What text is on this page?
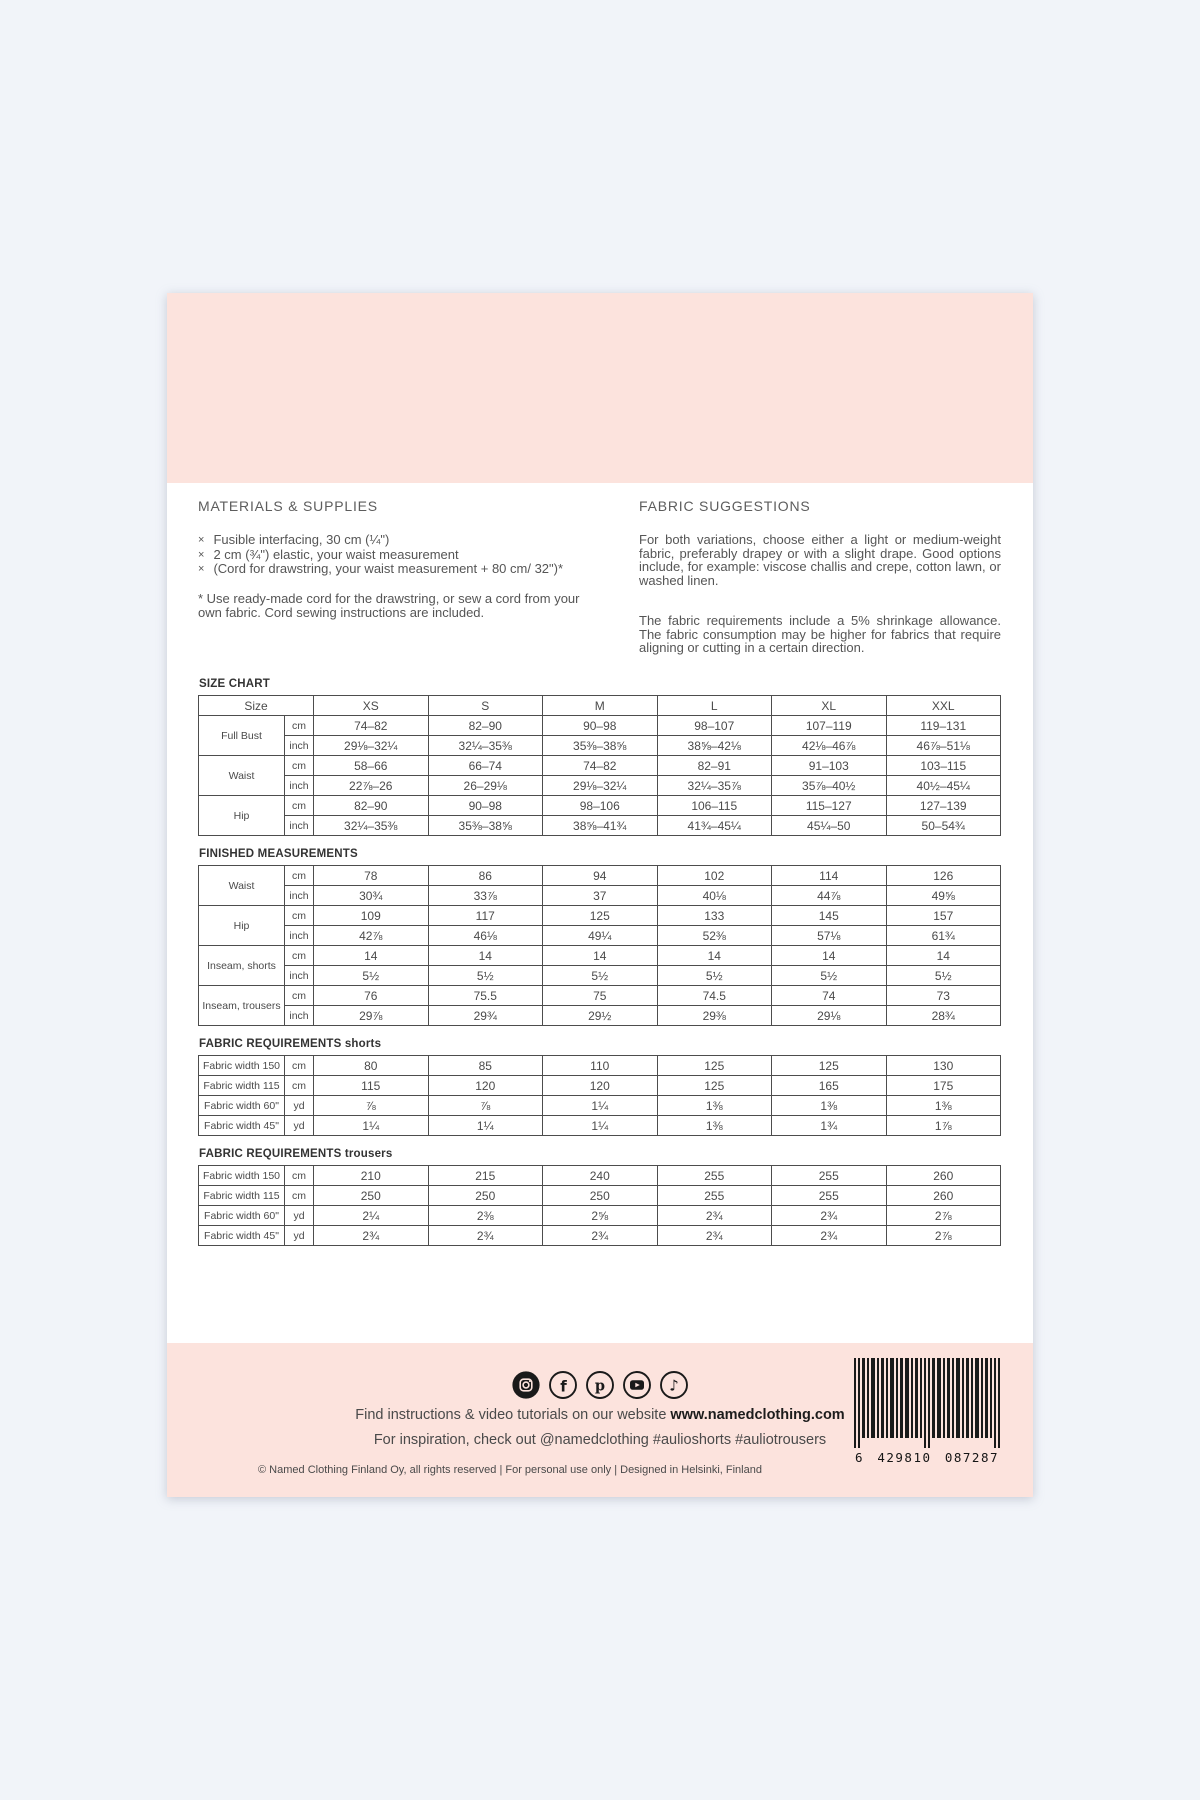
MATERIALS & SUPPLIES
× Fusible interfacing, 30 cm (¼")
× 2 cm (¾") elastic, your waist measurement
× (Cord for drawstring, your waist measurement + 80 cm/ 32")*
* Use ready-made cord for the drawstring, or sew a cord from your own fabric. Cord sewing instructions are included.
FABRIC SUGGESTIONS

For both variations, choose either a light or medium-weight fabric, preferably drapey or with a slight drape. Good options include, for example: viscose challis and crepe, cotton lawn, or washed linen.

The fabric requirements include a 5% shrinkage allowance. The fabric consumption may be higher for fabrics that require aligning or cutting in a certain direction.

SIZE CHART
Size		XS	S	M	L	XL	XXL
Full Bust	cm	74–82	82–90	90–98	98–107	107–119	119–131
	inch	29⅛–32¼	32¼–35⅜	35⅜–38⅝	38⅝–42⅛	42⅛–46⅞	46⅞–51⅛
Waist	cm	58–66	66–74	74–82	82–91	91–103	103–115
	inch	22⅞–26	26–29⅛	29⅛–32¼	32¼–35⅞	35⅞–40½	40½–45¼
Hip	cm	82–90	90–98	98–106	106–115	115–127	127–139
	inch	32¼–35⅜	35⅜–38⅝	38⅝–41¾	41¾–45¼	45¼–50	50–54¾
FINISHED MEASUREMENTS
Waist	cm	78	86	94	102	114	126
	inch	30¾	33⅞	37	40⅛	44⅞	49⅝
Hip	cm	109	117	125	133	145	157
	inch	42⅞	46⅛	49¼	52⅜	57⅛	61¾
Inseam, shorts	cm	14	14	14	14	14	14
	inch	5½	5½	5½	5½	5½	5½
Inseam, trousers	cm	76	75.5	75	74.5	74	73
	inch	29⅞	29¾	29½	29⅜	29⅛	28¾
FABRIC REQUIREMENTS shorts
Fabric width 150	cm	80	85	110	125	125	130
Fabric width 115	cm	115	120	120	125	165	175
Fabric width 60"	yd	⅞	⅞	1¼	1⅜	1⅜	1⅜
Fabric width 45"	yd	1¼	1¼	1¼	1⅜	1¾	1⅞
FABRIC REQUIREMENTS trousers
Fabric width 150	cm	210	215	240	255	255	260
Fabric width 115	cm	250	250	250	255	255	260
Fabric width 60"	yd	2¼	2⅜	2⅝	2¾	2¾	2⅞
Fabric width 45"	yd	2¾	2¾	2¾	2¾	2¾	2⅞
f p	♪
Find instructions & video tutorials on our website www.namedclothing.com
For inspiration, check out @namedclothing #aulioshorts #auliotrousers
© Named Clothing Finland Oy, all rights reserved | For personal use only | Designed in Helsinki, Finland
6 429810 087287
